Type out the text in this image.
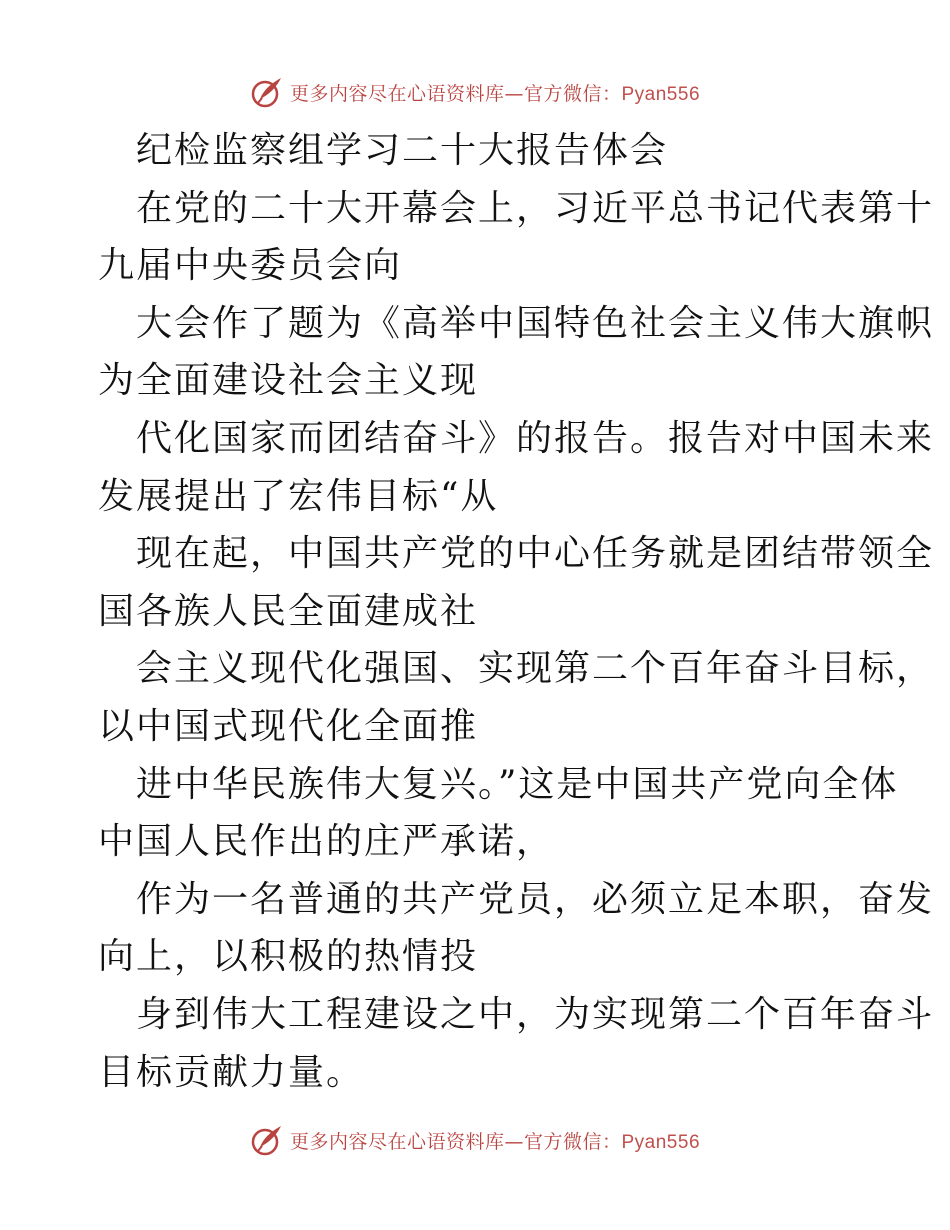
更多内容尽在心语资料库—官方微信：Pyan556
纪检监察组学习二十大报告体会
在党的二十大开幕会上，习近平总书记代表第十
九届中央委员会向
大会作了题为《高举中国特色社会主义伟大旗帜
为全面建设社会主义现
代化国家而团结奋斗》的报告。报告对中国未来
发展提出了宏伟目标“从
现在起，中国共产党的中心任务就是团结带领全
国各族人民全面建成社
会主义现代化强国、实现第二个百年奋斗目标，
以中国式现代化全面推
进中华民族伟大复兴。”这是中国共产党向全体
中国人民作出的庄严承诺，
作为一名普通的共产党员，必须立足本职，奋发
向上，以积极的热情投
身到伟大工程建设之中，为实现第二个百年奋斗
目标贡献力量。
更多内容尽在心语资料库—官方微信：Pyan556
